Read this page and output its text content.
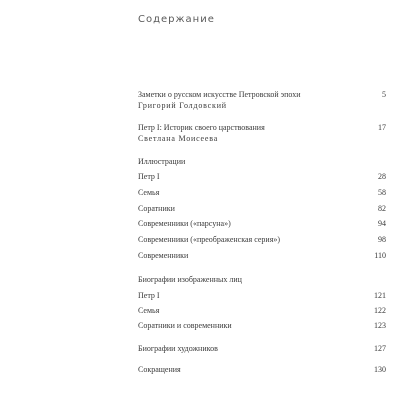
Содержание
Заметки о русском искусстве Петровской эпохи	5
Григорий Голдовский
Петр I: Историк своего царствования	17
Светлана Моисеева
Иллюстрации
Петр I	28
Семья	58
Соратники	82
Современники («парсуна»)	94
Современники («преображенская серия»)	98
Современники	110
Биографии изображенных лиц
Петр I	121
Семья	122
Соратники и современники	123
Биографии художников	127
Сокращения	130
